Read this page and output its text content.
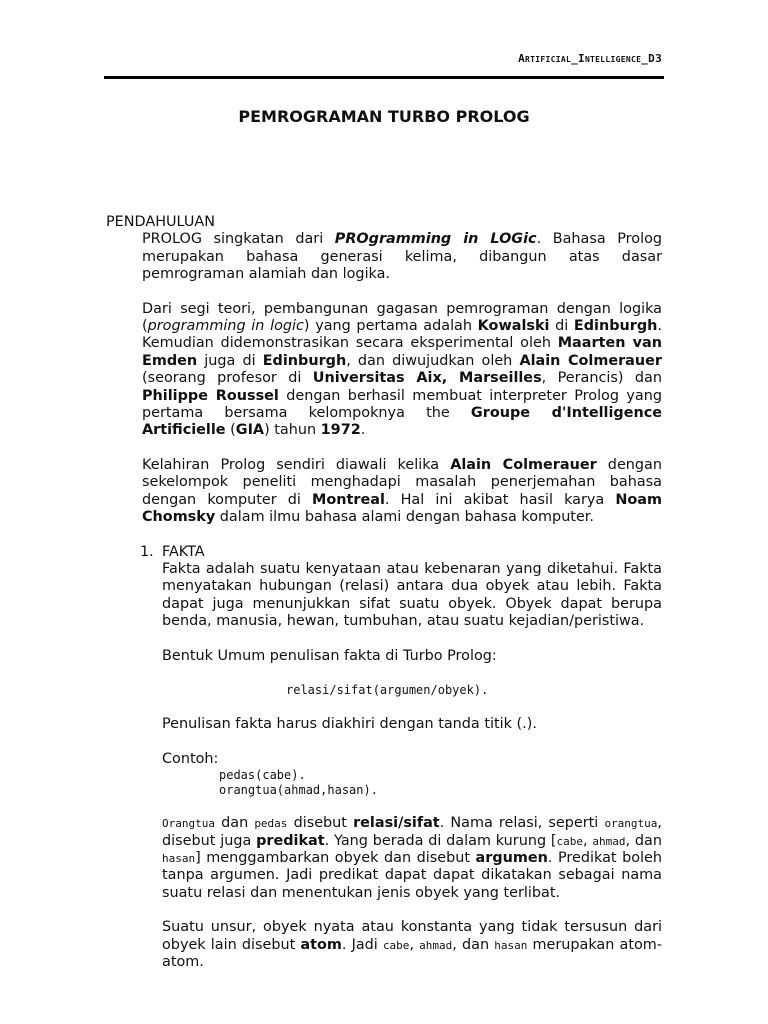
Artificial_Intelligence_D3
PEMROGRAMAN TURBO PROLOG

PENDAHULUAN

PROLOG singkatan dari PROgramming in LOGic. Bahasa Prolog merupakan bahasa generasi kelima, dibangun atas dasar pemrograman alamiah dan logika.

Dari segi teori, pembangunan gagasan pemrograman dengan logika (programming in logic) yang pertama adalah Kowalski di Edinburgh. Kemudian didemonstrasikan secara eksperimental oleh Maarten van Emden juga di Edinburgh, dan diwujudkan oleh Alain Colmerauer (seorang profesor di Universitas Aix, Marseilles, Perancis) dan Philippe Roussel dengan berhasil membuat interpreter Prolog yang pertama bersama kelompoknya the Groupe d'Intelligence Artificielle (GIA) tahun 1972.

Kelahiran Prolog sendiri diawali kelika Alain Colmerauer dengan sekelompok peneliti menghadapi masalah penerjemahan bahasa dengan komputer di Montreal. Hal ini akibat hasil karya Noam Chomsky dalam ilmu bahasa alami dengan bahasa komputer.

1. FAKTA

Fakta adalah suatu kenyataan atau kebenaran yang diketahui. Fakta menyatakan hubungan (relasi) antara dua obyek atau lebih. Fakta dapat juga menunjukkan sifat suatu obyek. Obyek dapat berupa benda, manusia, hewan, tumbuhan, atau suatu kejadian/peristiwa.

Bentuk Umum penulisan fakta di Turbo Prolog:

relasi/sifat(argumen/obyek).

Penulisan fakta harus diakhiri dengan tanda titik (.).

Contoh:

pedas(cabe).
orangtua(ahmad,hasan).

Orangtua dan pedas disebut relasi/sifat. Nama relasi, seperti orangtua, disebut juga predikat. Yang berada di dalam kurung [cabe, ahmad, dan hasan] menggambarkan obyek dan disebut argumen. Predikat boleh tanpa argumen. Jadi predikat dapat dapat dikatakan sebagai nama suatu relasi dan menentukan jenis obyek yang terlibat.

Suatu unsur, obyek nyata atau konstanta yang tidak tersusun dari obyek lain disebut atom. Jadi cabe, ahmad, dan hasan merupakan atom-atom.
